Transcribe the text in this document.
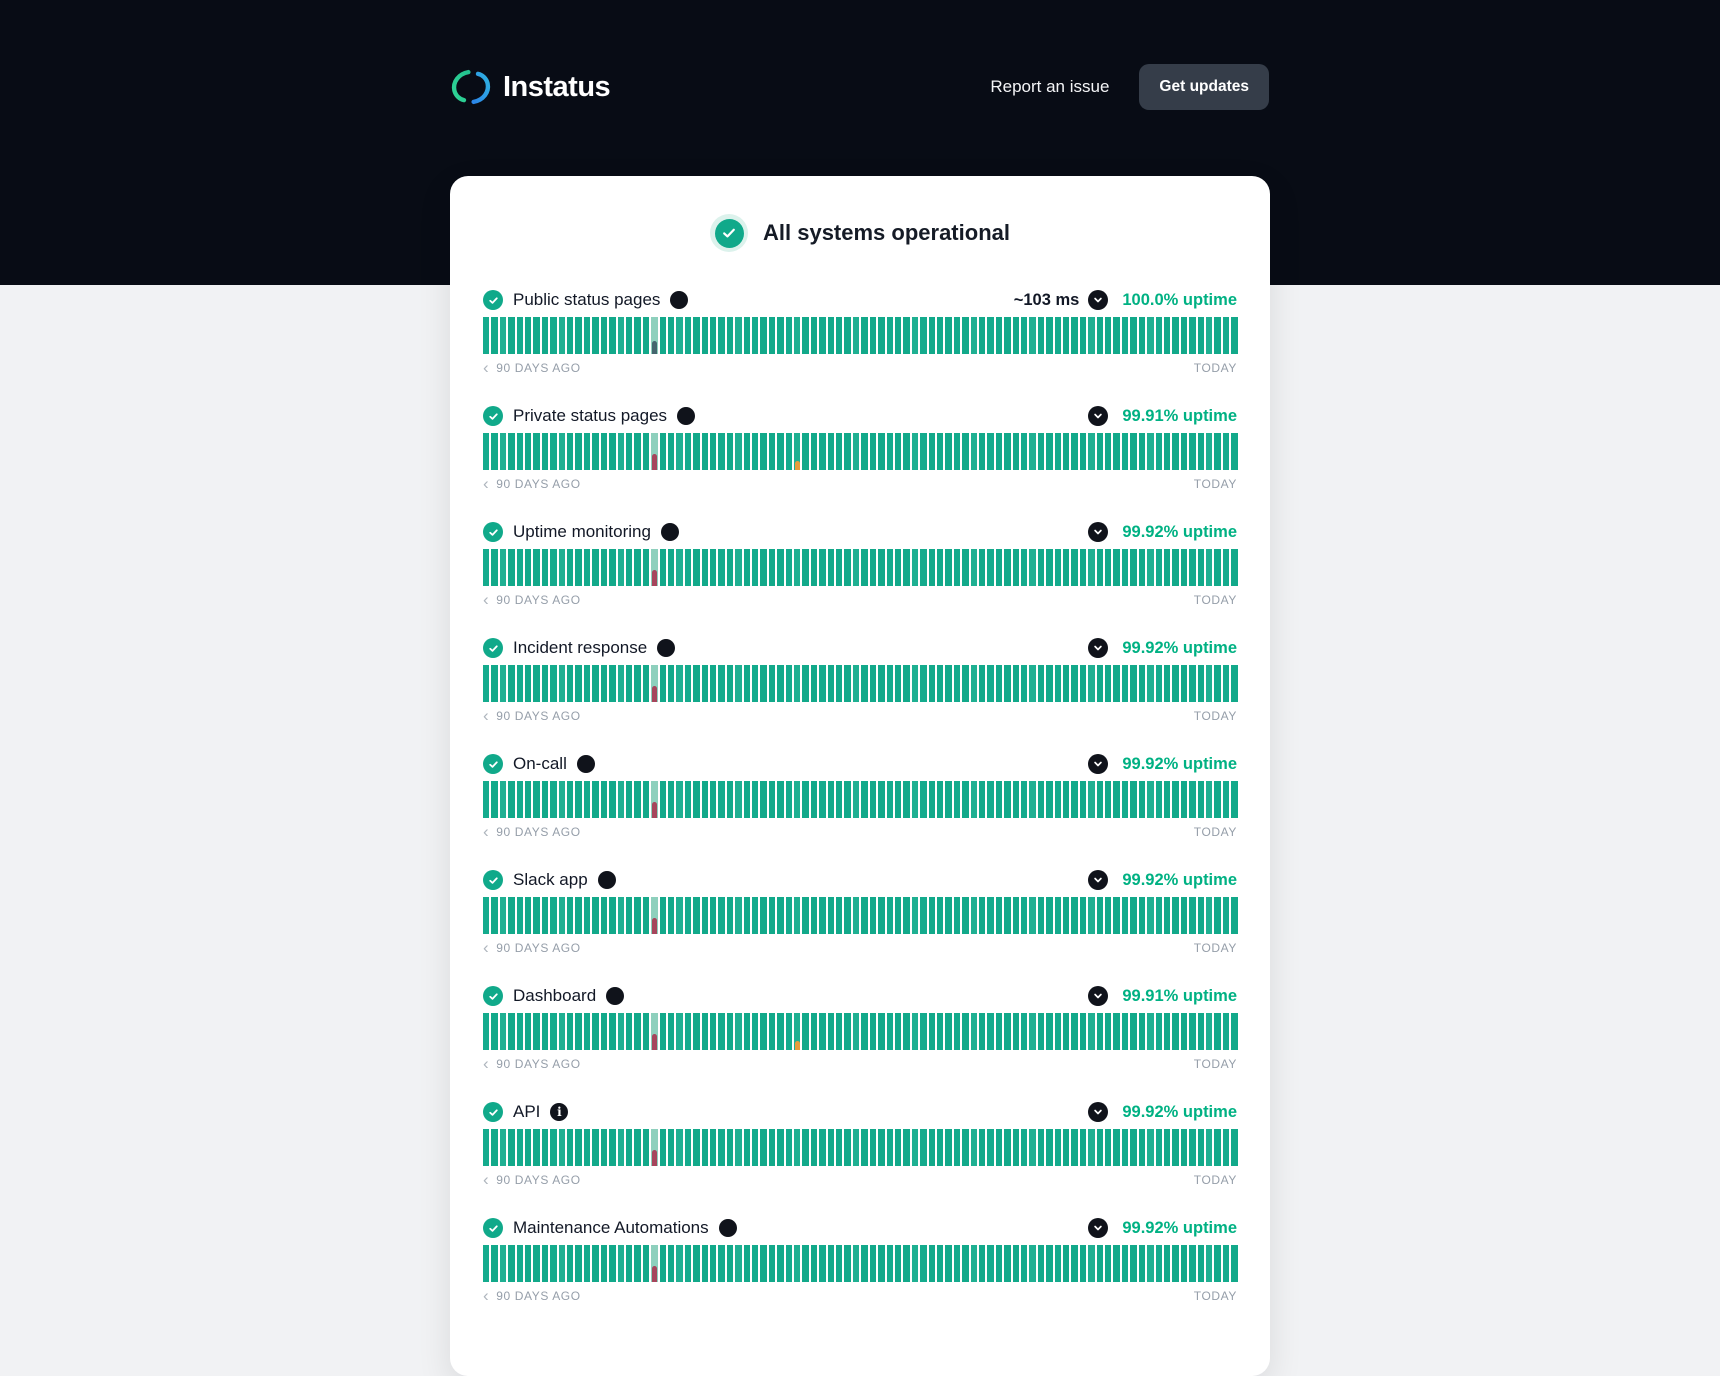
Instatus	Report an issue	Get updates
All systems operational
Public status pages	~103 ms	100.0% uptime
‹ 90 DAYS AGO	TODAY
Private status pages	99.91% uptime
‹ 90 DAYS AGO	TODAY
Uptime monitoring	99.92% uptime
‹ 90 DAYS AGO	TODAY
Incident response	99.92% uptime
‹ 90 DAYS AGO	TODAY
On-call	99.92% uptime
‹ 90 DAYS AGO	TODAY
Slack app	99.92% uptime
‹ 90 DAYS AGO	TODAY
Dashboard	99.91% uptime
‹ 90 DAYS AGO	TODAY
API	i	99.92% uptime
‹ 90 DAYS AGO	TODAY
Maintenance Automations	99.92% uptime
‹ 90 DAYS AGO	TODAY
